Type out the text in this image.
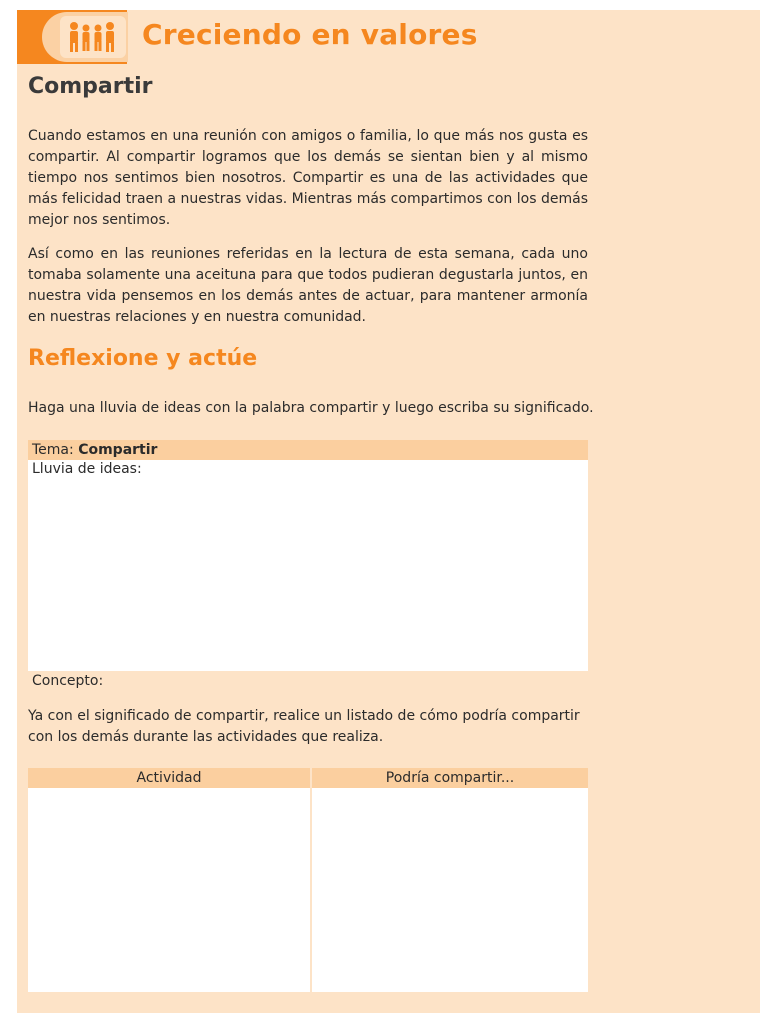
Creciendo en valores
Compartir
Cuando estamos en una reunión con amigos o familia, lo que más nos gusta es compartir. Al compartir logramos que los demás se sientan bien y al mismo tiempo nos sentimos bien nosotros. Compartir es una de las actividades que más felicidad traen a nuestras vidas. Mientras más compartimos con los demás mejor nos sentimos.
Así como en las reuniones referidas en la lectura de esta semana, cada uno tomaba solamente una aceituna para que todos pudieran degustarla juntos, en nuestra vida pensemos en los demás antes de actuar, para mantener armonía en nuestras relaciones y en nuestra comunidad.
Reflexione y actúe
Haga una lluvia de ideas con la palabra compartir y luego escriba su significado.
Tema: Compartir
Lluvia de ideas:
Concepto:
Ya con el significado de compartir, realice un listado de cómo podría compartir con los demás durante las actividades que realiza.
Actividad	Podría compartir...
